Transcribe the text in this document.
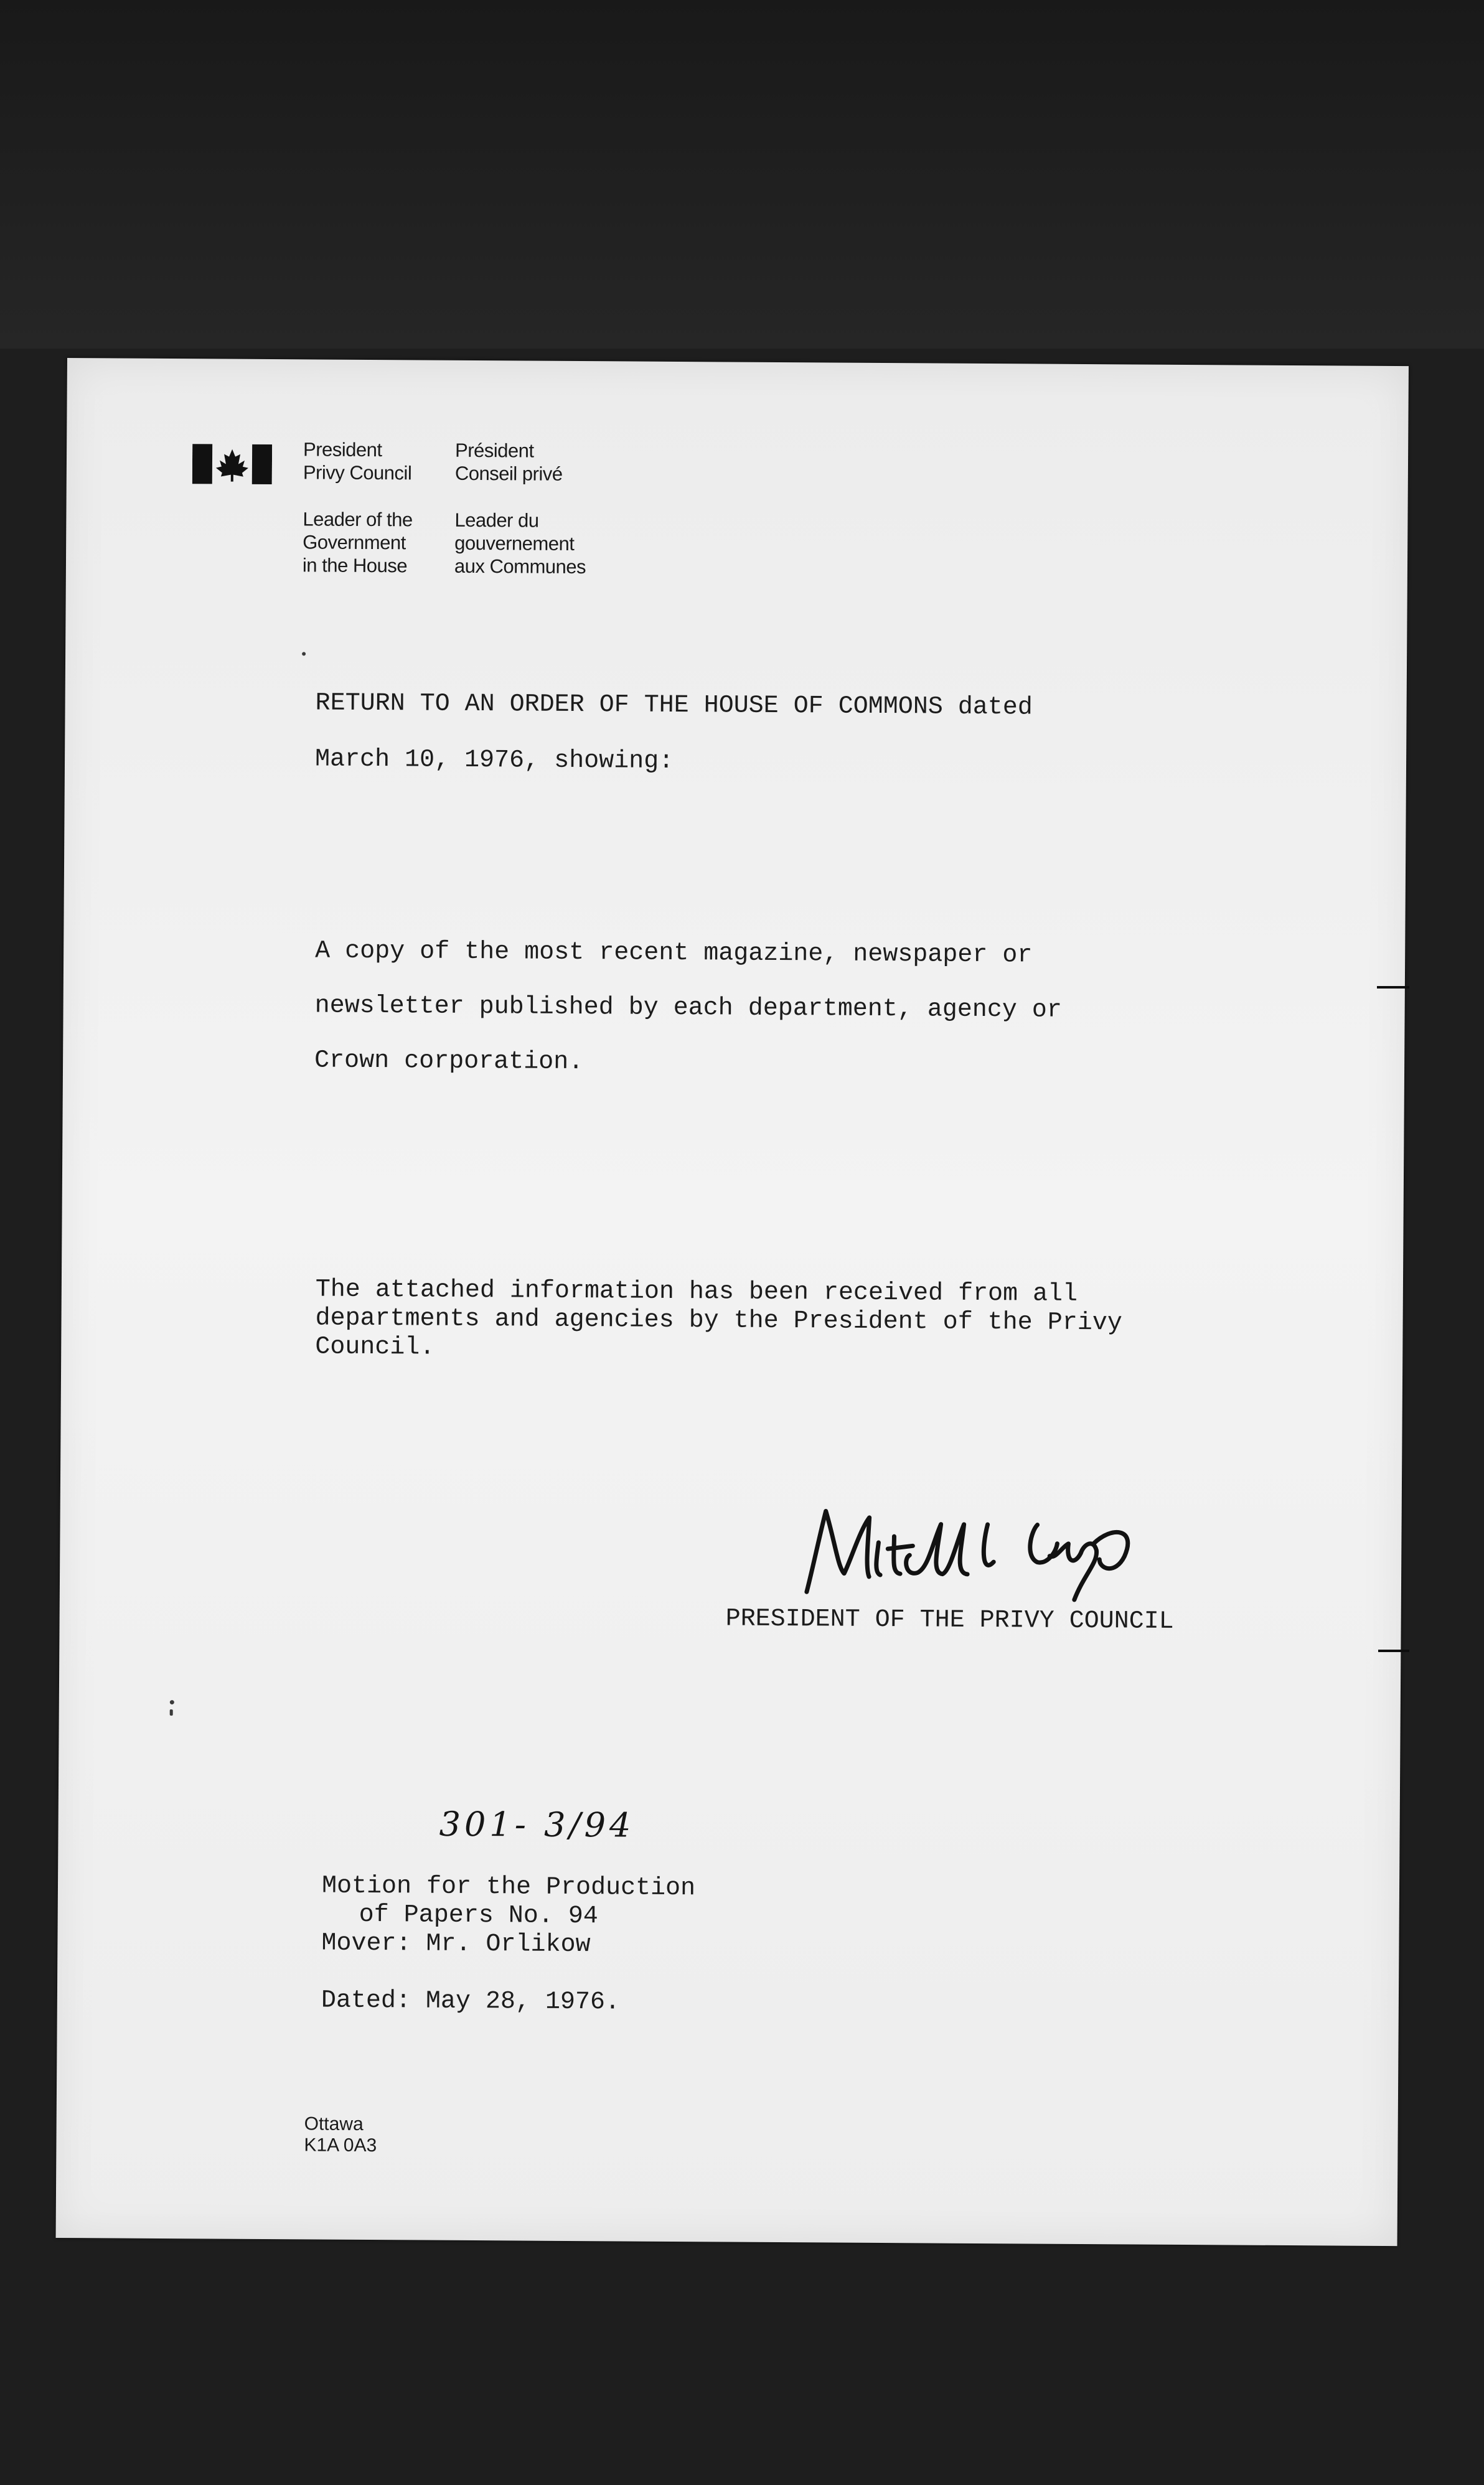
President
Privy Council
Président
Conseil privé
Leader of the
Government
in the House
Leader du
gouvernement
aux Communes
RETURN TO AN ORDER OF THE HOUSE OF COMMONS dated
March 10, 1976, showing:
A copy of the most recent magazine, newspaper or
newsletter published by each department, agency or
Crown corporation.
The attached information has been received from all
departments and agencies by the President of the Privy
Council.
PRESIDENT OF THE PRIVY COUNCIL
301- 3/94
Motion for the Production
of Papers No. 94
Mover: Mr. Orlikow
Dated: May 28, 1976.
Ottawa
K1A 0A3
